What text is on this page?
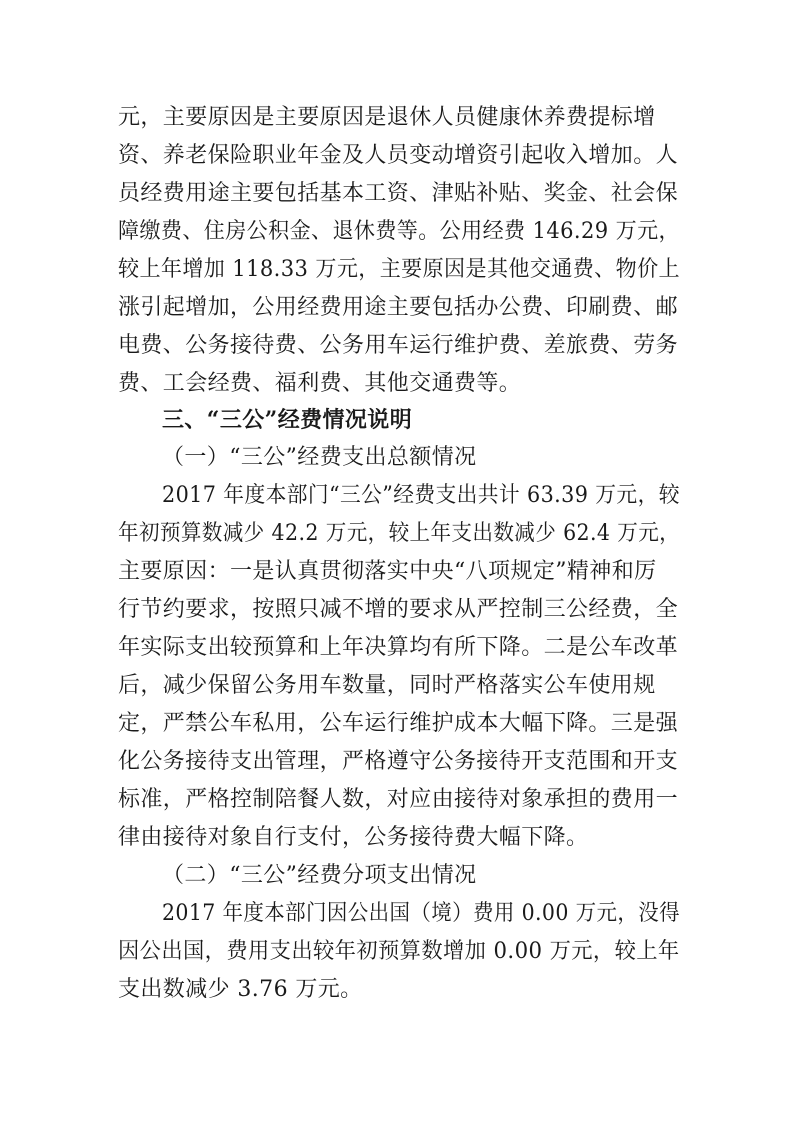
元，主要原因是主要原因是退休人员健康休养费提标增
资、养老保险职业年金及人员变动增资引起收入增加。人
员经费用途主要包括基本工资、津贴补贴、奖金、社会保
障缴费、住房公积金、退休费等。公用经费 146.29 万元，
较上年增加 118.33 万元，主要原因是其他交通费、物价上
涨引起增加，公用经费用途主要包括办公费、印刷费、邮
电费、公务接待费、公务用车运行维护费、差旅费、劳务
费、工会经费、福利费、其他交通费等。
三、“三公”经费情况说明
（一）“三公”经费支出总额情况
2017 年度本部门“三公”经费支出共计 63.39 万元，较
年初预算数减少 42.2 万元，较上年支出数减少 62.4 万元，
主要原因：一是认真贯彻落实中央“八项规定”精神和厉
行节约要求，按照只减不增的要求从严控制三公经费，全
年实际支出较预算和上年决算均有所下降。二是公车改革
后，减少保留公务用车数量，同时严格落实公车使用规
定，严禁公车私用，公车运行维护成本大幅下降。三是强
化公务接待支出管理，严格遵守公务接待开支范围和开支
标准，严格控制陪餐人数，对应由接待对象承担的费用一
律由接待对象自行支付，公务接待费大幅下降。
（二）“三公”经费分项支出情况
2017 年度本部门因公出国（境）费用 0.00 万元，没得
因公出国，费用支出较年初预算数增加 0.00 万元，较上年
支出数减少 3.76 万元。
